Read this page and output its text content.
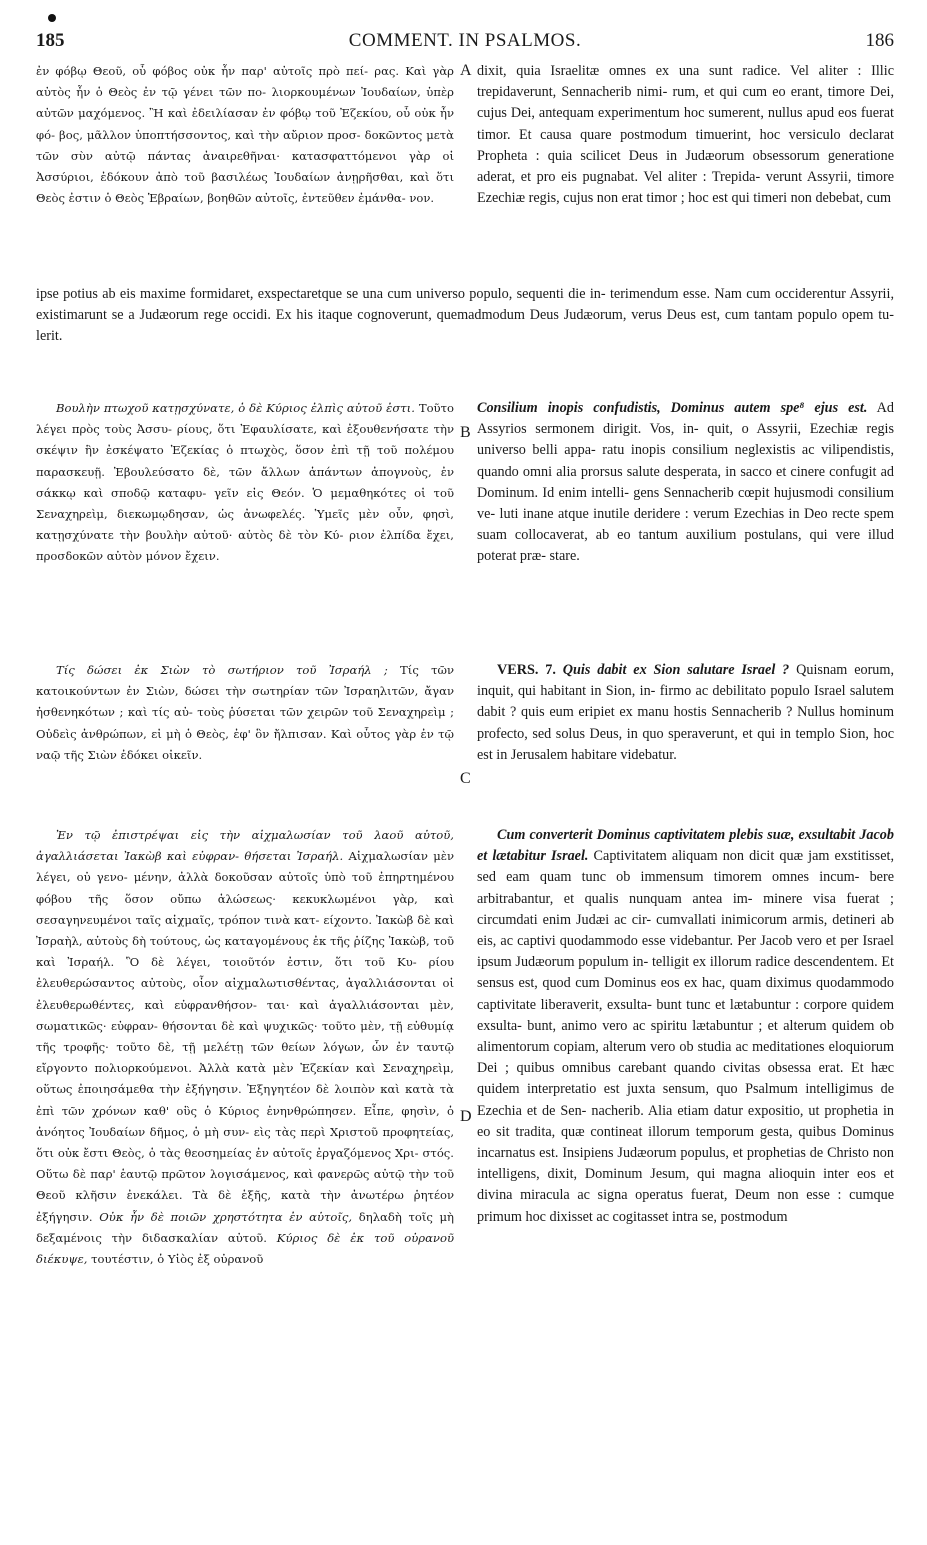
185	COMMENT. IN PSALMOS.	186

ἐν φόβῳ Θεοῦ, οὗ φόβος οὐκ ἦν παρ' αὐτοῖς πρὸ πεί- ρας. Καὶ γὰρ αὐτὸς ἦν ὁ Θεὸς ἐν τῷ γένει τῶν πο- λιορκουμένων Ἰουδαίων, ὑπὲρ αὐτῶν μαχόμενος. Ἢ καὶ ἐδειλίασαν ἐν φόβῳ τοῦ Ἐζεκίου, οὗ οὐκ ἦν φό- βος, μᾶλλον ὑποπτήσσοντος, καὶ τὴν αὔριον προσ- δοκῶντος μετὰ τῶν σὺν αὐτῷ πάντας ἀναιρεθῆναι· κατασφαττόμενοι γὰρ οἱ Ἀσσύριοι, ἐδόκουν ἀπὸ τοῦ βασιλέως Ἰουδαίων ἀνῃρῆσθαι, καὶ ὅτι Θεὸς ἐστιν ὁ Θεὸς Ἑβραίων, βοηθῶν αὐτοῖς, ἐντεῦθεν ἐμάνθα- νον.

A dixit, quia Israelitæ omnes ex una sunt radice. Vel aliter : Illic trepidaverunt, Sennacherib nimi- rum, et qui cum eo erant, timore Dei, cujus Dei, antequam experimentum hoc sumerent, nullus apud eos fuerat timor. Et causa quare postmodum timuerint, hoc versiculo declarat Propheta : quia scilicet Deus in Judæorum obsessorum generatione aderat, et pro eis pugnabat. Vel aliter : Trepida- verunt Assyrii, timore Ezechiæ regis, cujus non erat timor ; hoc est qui timeri non debebat, cum

ipse potius ab eis maxime formidaret, exspectaretque se una cum universo populo, sequenti die in- terimendum esse. Nam cum occiderentur Assyrii, existimarunt se a Judæorum rege occidi. Ex his itaque cognoverunt, quemadmodum Deus Judæorum, verus Deus est, cum tantam populo opem tu- lerit.

Βουλὴν πτωχοῦ κατῃσχύνατε, ὁ δὲ Κύριος ἐλπὶς αὐτοῦ ἐστι. Τοῦτο λέγει πρὸς τοὺς Ἀσσυ- ρίους, ὅτι Ἐφαυλίσατε, καὶ ἐξουθενήσατε τὴν σκέψιν ἣν ἐσκέψατο Ἐζεκίας ὁ πτωχὸς, ὅσον ἐπὶ τῇ τοῦ πολέμου παρασκευῇ. Ἐβουλεύσατο δὲ, τῶν ἄλλων ἁπάντων ἀπογνοὺς, ἐν σάκκῳ καὶ σποδῷ καταφυ- γεῖν εἰς Θεόν. Ὁ μεμαθηκότες οἱ τοῦ Σεναχηρεὶμ, διεκωμῳδησαν, ὡς ἀνωφελές. Ὑμεῖς μὲν οὖν, φησὶ, κατῃσχύνατε τὴν βουλὴν αὐτοῦ· αὐτὸς δὲ τὸν Κύ- ριον ἐλπίδα ἔχει, προσδοκῶν αὐτὸν μόνον ἔχειν.

B

Consilium inopis confudistis, Dominus autem spe⁸ ejus est. Ad Assyrios sermonem dirigit. Vos, in- quit, o Assyrii, Ezechiæ regis universo belli appa- ratu inopis consilium neglexistis ac vilipendistis, quando omni alia prorsus salute desperata, in sacco et cinere confugit ad Dominum. Id enim intelli- gens Sennacherib cœpit hujusmodi consilium ve- luti inane atque inutile deridere : verum Ezechias in Deo recte spem suam collocaverat, ab eo tantum auxilium postulans, qui vere illud poterat præ- stare.

Τίς δώσει ἐκ Σιὼν τὸ σωτήριον τοῦ Ἰσραήλ ; Τίς τῶν κατοικούντων ἐν Σιὼν, δώσει τὴν σωτηρίαν τῶν Ἰσραηλιτῶν, ἄγαν ἠσθενηκότων ; καὶ τίς αὐ- τοὺς ῥύσεται τῶν χειρῶν τοῦ Σεναχηρεὶμ ; Οὐδεὶς ἀνθρώπων, εἰ μὴ ὁ Θεὸς, ἐφ' ὃν ἤλπισαν. Καὶ οὗτος γὰρ ἐν τῷ ναῷ τῆς Σιὼν ἐδόκει οἰκεῖν.

C

VERS. 7. Quis dabit ex Sion salutare Israel ? Quisnam eorum, inquit, qui habitant in Sion, in- firmo ac debilitato populo Israel salutem dabit ? quis eum eripiet ex manu hostis Sennacherib ? Nullus hominum profecto, sed solus Deus, in quo speraverunt, et qui in templo Sion, hoc est in Jerusalem habitare videbatur.

Ἐν τῷ ἐπιστρέψαι εἰς τὴν αἰχμαλωσίαν τοῦ λαοῦ αὐτοῦ, ἀγαλλιάσεται Ἰακὼβ καὶ εὐφραν- θήσεται Ἰσραήλ. Αἰχμαλωσίαν μὲν λέγει, οὐ γενο- μένην, ἀλλὰ δοκοῦσαν αὐτοῖς ὑπὸ τοῦ ἐπηρτημένου φόβου τῆς ὅσον οὔπω ἁλώσεως· κεκυκλωμένοι γὰρ, καὶ σεσαγηνευμένοι ταῖς αἰχμαῖς, τρόπον τινὰ κατ- είχοντο. Ἰακὼβ δὲ καὶ Ἰσραὴλ, αὐτοὺς δὴ τούτους, ὡς καταγομένους ἐκ τῆς ῥίζης Ἰακὼβ, τοῦ καὶ Ἰσραήλ. Ὃ δὲ λέγει, τοιοῦτόν ἐστιν, ὅτι τοῦ Κυ- ρίου ἐλευθερώσαντος αὐτοὺς, οἷον αἰχμαλωτισθέντας, ἀγαλλιάσονται οἱ ἐλευθερωθέντες, καὶ εὐφρανθήσον- ται· καὶ ἀγαλλιάσονται μὲν, σωματικῶς· εὐφραν- θήσονται δὲ καὶ ψυχικῶς· τοῦτο μὲν, τῇ εὐθυμίᾳ τῆς τροφῆς· τοῦτο δὲ, τῇ μελέτῃ τῶν θείων λόγων, ὧν ἐν ταυτῷ εἴργοντο πολιορκούμενοι. Ἀλλὰ κατὰ μὲν Ἐζεκίαν καὶ Σεναχηρεὶμ, οὕτως ἐποιησάμεθα τὴν ἐξήγησιν. Ἐξηγητέον δὲ λοιπὸν καὶ κατὰ τὰ ἐπὶ τῶν χρόνων καθ' οὓς ὁ Κύριος ἐνηνθρώπησεν. Εἶπε, φησὶν, ὁ ἀνόητος Ἰουδαίων δῆμος, ὁ μὴ συν- εὶς τὰς περὶ Χριστοῦ προφητείας, ὅτι οὐκ ἔστι Θεὸς, ὁ τὰς θεοσημείας ἐν αὐτοῖς ἐργαζόμενος Χρι- στός. Οὕτω δὲ παρ' ἑαυτῷ πρῶτον λογισάμενος, καὶ φανερῶς αὐτῷ τὴν τοῦ Θεοῦ κλῆσιν ἐνεκάλει. Τὰ δὲ ἑξῆς, κατὰ τὴν ἀνωτέρω ῥητέον ἐξήγησιν. Οὐκ ἦν δὲ ποιῶν χρηστότητα ἐν αὐτοῖς, δηλαδὴ τοῖς μὴ δεξαμένοις τὴν διδασκαλίαν αὐτοῦ. Κύριος δὲ ἐκ τοῦ οὐρανοῦ διέκυψε, τουτέστιν, ὁ Υἱὸς ἐξ οὐρανοῦ

D

Cum converterit Dominus captivitatem plebis suæ, exsultabit Jacob et lætabitur Israel. Captivitatem aliquam non dicit quæ jam exstitisset, sed eam quam tunc ob immensum timorem omnes incum- bere arbitrabantur, et qualis nunquam antea im- minere visa fuerat ; circumdati enim Judæi ac cir- cumvallati inimicorum armis, detineri ab eis, ac captivi quodammodo esse videbantur. Per Jacob vero et per Israel ipsum Judæorum populum in- telligit ex illorum radice descendentem. Et sensus est, quod cum Dominus eos ex hac, quam diximus quodammodo captivitate liberaverit, exsulta- bunt tunc et lætabuntur : corpore quidem exsulta- bunt, animo vero ac spiritu lætabuntur ; et alterum quidem ob alimentorum copiam, alterum vero ob studia ac meditationes eloquiorum Dei ; quibus omnibus carebant quando civitas obsessa erat. Et hæc quidem interpretatio est juxta sensum, quo Psalmum intelligimus de Ezechia et de Sen- nacherib. Alia etiam datur expositio, ut prophetia in eo sit tradita, quæ contineat illorum temporum gesta, quibus Dominus incarnatus est. Insipiens Judæorum populus, et prophetias de Christo non intelligens, dixit, Dominum Jesum, qui magna alioquin inter eos et divina miracula ac signa operatus fuerat, Deum non esse : cumque primum hoc dixisset ac cogitasset intra se, postmodum
